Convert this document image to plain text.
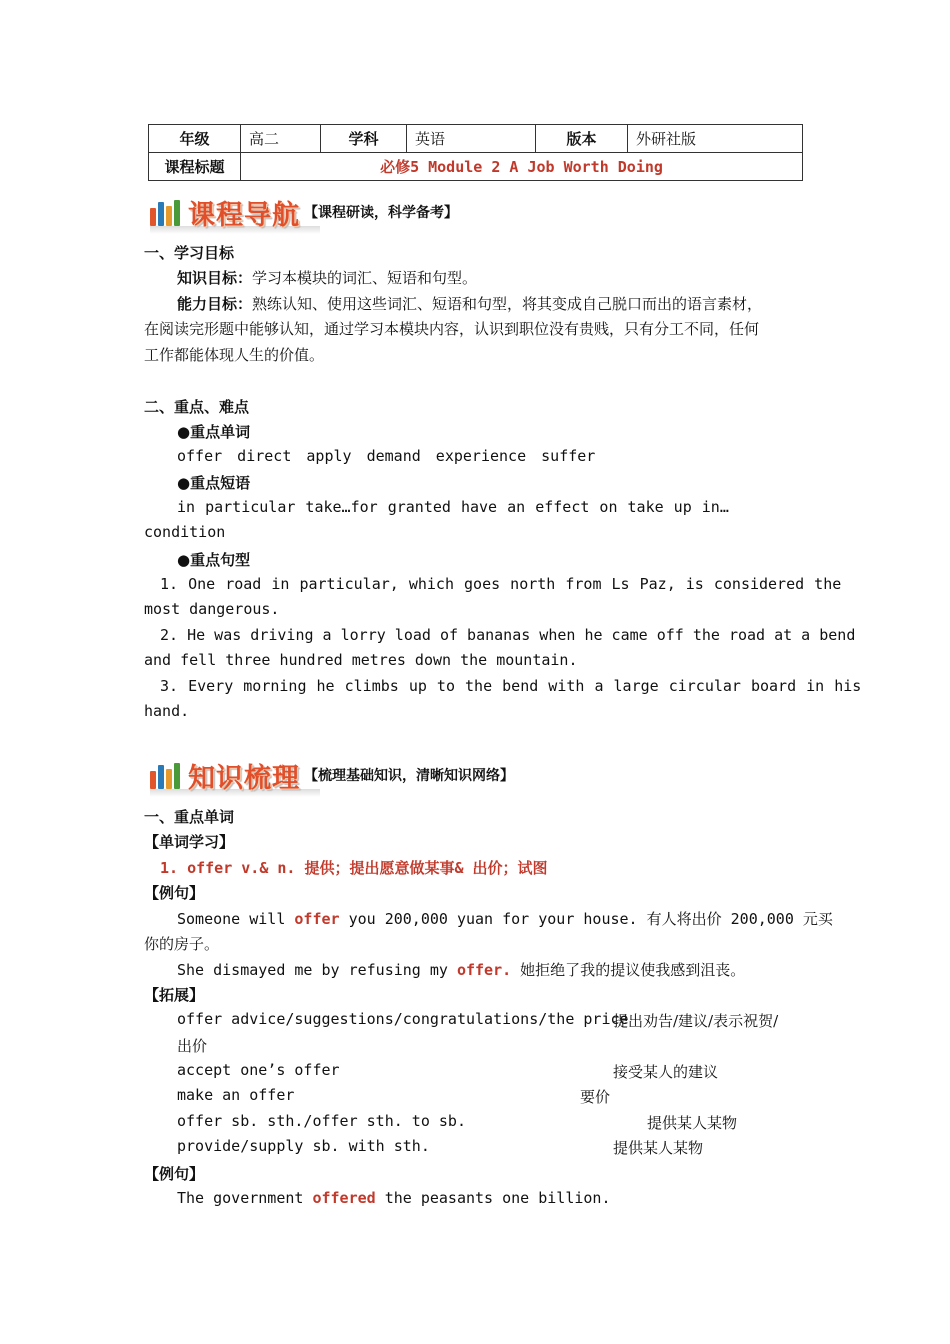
年级	高二	学科	英语	版本	外研社版
课程标题	必修5 Module 2 A Job Worth Doing				
课程导航 【课程研读，科学备考】
一、学习目标
知识目标：学习本模块的词汇、短语和句型。
能力目标：熟练认知、使用这些词汇、短语和句型，将其变成自己脱口而出的语言素材，
在阅读完形题中能够认知，通过学习本模块内容，认识到职位没有贵贱，只有分工不同，任何
工作都能体现人生的价值。
二、重点、难点
●重点单词
offer direct apply demand experience suffer
●重点短语
in particular take…for granted have an effect on take up in…
condition
●重点句型
1. One road in particular, which goes north from Ls Paz, is considered the
most dangerous.
2. He was driving a lorry load of bananas when he came off the road at a bend
and fell three hundred metres down the mountain.
3. Every morning he climbs up to the bend with a large circular board in his
hand.
知识梳理 【梳理基础知识，清晰知识网络】
一、重点单词
【单词学习】
1. offer v.& n. 提供；提出愿意做某事& 出价；试图
【例句】
Someone will offer you 200,000 yuan for your house. 有人将出价 200,000 元买
你的房子。
She dismayed me by refusing my offer. 她拒绝了我的提议使我感到沮丧。
【拓展】
offer advice/suggestions/congratulations/the price
提出劝告/建议/表示祝贺/
出价
accept one’s offer	接受某人的建议
make an offer	要价
offer sb. sth./offer sth. to sb.	提供某人某物
provide/supply sb. with sth.	提供某人某物
【例句】
The government offered the peasants one billion.
